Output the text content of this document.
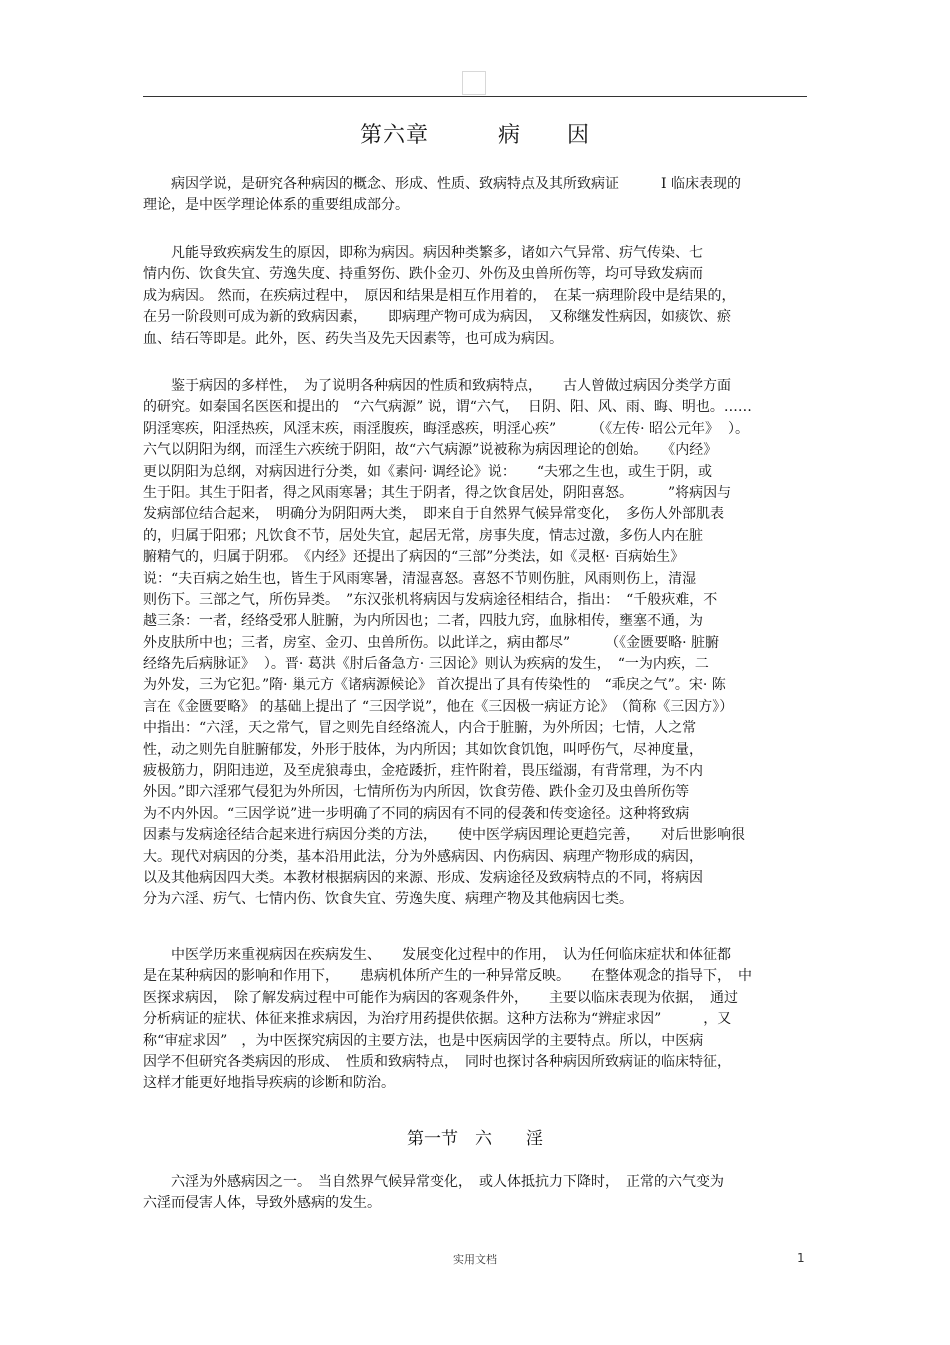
第六章　　　病　　因
　　病因学说，是研究各种病因的概念、形成、性质、致病特点及其所致病证　　　I 临床表现的
理论，是中医学理论体系的重要组成部分。
　　凡能导致疾病发生的原因，即称为病因。病因种类繁多，诸如六气异常、疠气传染、七
情内伤、饮食失宜、劳逸失度、持重努伤、跌仆金刃、外伤及虫兽所伤等，均可导致发病而
成为病因。 然而，在疾病过程中，　原因和结果是相互作用着的，　在某一病理阶段中是结果的，
在另一阶段则可成为新的致病因素，　　即病理产物可成为病因，　又称继发性病因，如痰饮、瘀
血、结石等即是。此外，医、药失当及先天因素等，也可成为病因。
　　鉴于病因的多样性，　为了说明各种病因的性质和致病特点，　　古人曾做过病因分类学方面
的研究。如秦国名医医和提出的　“六气病源” 说，谓“六气，  日阴、阳、风、雨、晦、明也。……
阴淫寒疾，阳淫热疾，风淫末疾，雨淫腹疾，晦淫惑疾，明淫心疾”　　　（《左传· 昭公元年》  ）。
六气以阴阳为纲，而淫生六疾统于阴阳，故“六气病源”说被称为病因理论的创始。　　《内经》
更以阴阳为总纲，对病因进行分类，如《素问· 调经论》说：　　“夫邪之生也，或生于阴，或
生于阳。其生于阳者，得之风雨寒暑；其生于阴者，得之饮食居处，阴阳喜怒。　　　”将病因与
发病部位结合起来，　明确分为阴阳两大类，　即来自于自然界气候异常变化，　多伤人外部肌表
的，归属于阳邪；凡饮食不节，居处失宜，起居无常，房事失度，情志过激，多伤人内在脏
腑精气的，归属于阴邪。　《内经》还提出了病因的“三部”分类法，如《灵枢· 百病始生》
说：“夫百病之始生也，皆生于风雨寒暑，清湿喜怒。喜怒不节则伤脏，风雨则伤上，清湿
则伤下。三部之气，所伤异类。　”东汉张机将病因与发病途径相结合，指出：　“千般疢难，不
越三条：一者，经络受邪人脏腑，为内所因也；二者，四肢九窍，血脉相传，壅塞不通，为
外皮肤所中也；三者，房室、金刃、虫兽所伤。以此详之，病由都尽”　　　（《金匮要略· 脏腑
经络先后病脉证》  ）。晋· 葛洪《肘后备急方· 三因论》则认为疾病的发生，　“一为内疾，二
为外发，三为它犯。”隋· 巢元方《诸病源候论》 首次提出了具有传染性的　“乖戾之气”。宋· 陈
言在《金匮要略》 的基础上提出了 “三因学说”，他在《三因极一病证方论》　（简称《三因方》）
中指出：“六淫，天之常气，冒之则先自经络流人，内合于脏腑，为外所因；七情，人之常
性，动之则先自脏腑郁发，外形于肢体，为内所因；其如饮食饥饱，叫呼伤气，尽神度量，
疲极筋力，阴阳违逆，及至虎狼毒虫，金疮踒折，疰忤附着，畏压缢溺，有背常理，为不内
外因。”即六淫邪气侵犯为外所因，七情所伤为内所因，饮食劳倦、跌仆金刃及虫兽所伤等
为不内外因。“三因学说”进一步明确了不同的病因有不同的侵袭和传变途径。这种将致病
因素与发病途径结合起来进行病因分类的方法，　　使中医学病因理论更趋完善，　　对后世影响很
大。现代对病因的分类，基本沿用此法，分为外感病因、内伤病因、病理产物形成的病因，
以及其他病因四大类。本教材根据病因的来源、形成、发病途径及致病特点的不同，将病因
分为六淫、疠气、七情内伤、饮食失宜、劳逸失度、病理产物及其他病因七类。
　　中医学历来重视病因在疾病发生、　　发展变化过程中的作用，　认为任何临床症状和体征都
是在某种病因的影响和作用下，　　患病机体所产生的一种异常反映。　　在整体观念的指导下，　中
医探求病因，　除了解发病过程中可能作为病因的客观条件外，　　主要以临床表现为依据，　通过
分析病证的症状、体征来推求病因，为治疗用药提供依据。这种方法称为“辨症求因”　　　，又
称“审症求因”　，为中医探究病因的主要方法，也是中医病因学的主要特点。所以，中医病
因学不但研究各类病因的形成、　性质和致病特点，　同时也探讨各种病因所致病证的临床特征，
这样才能更好地指导疾病的诊断和防治。
第一节　六　　淫
　　六淫为外感病因之一。　当自然界气候异常变化，　或人体抵抗力下降时，　正常的六气变为
六淫而侵害人体，导致外感病的发生。
实用文档	1
